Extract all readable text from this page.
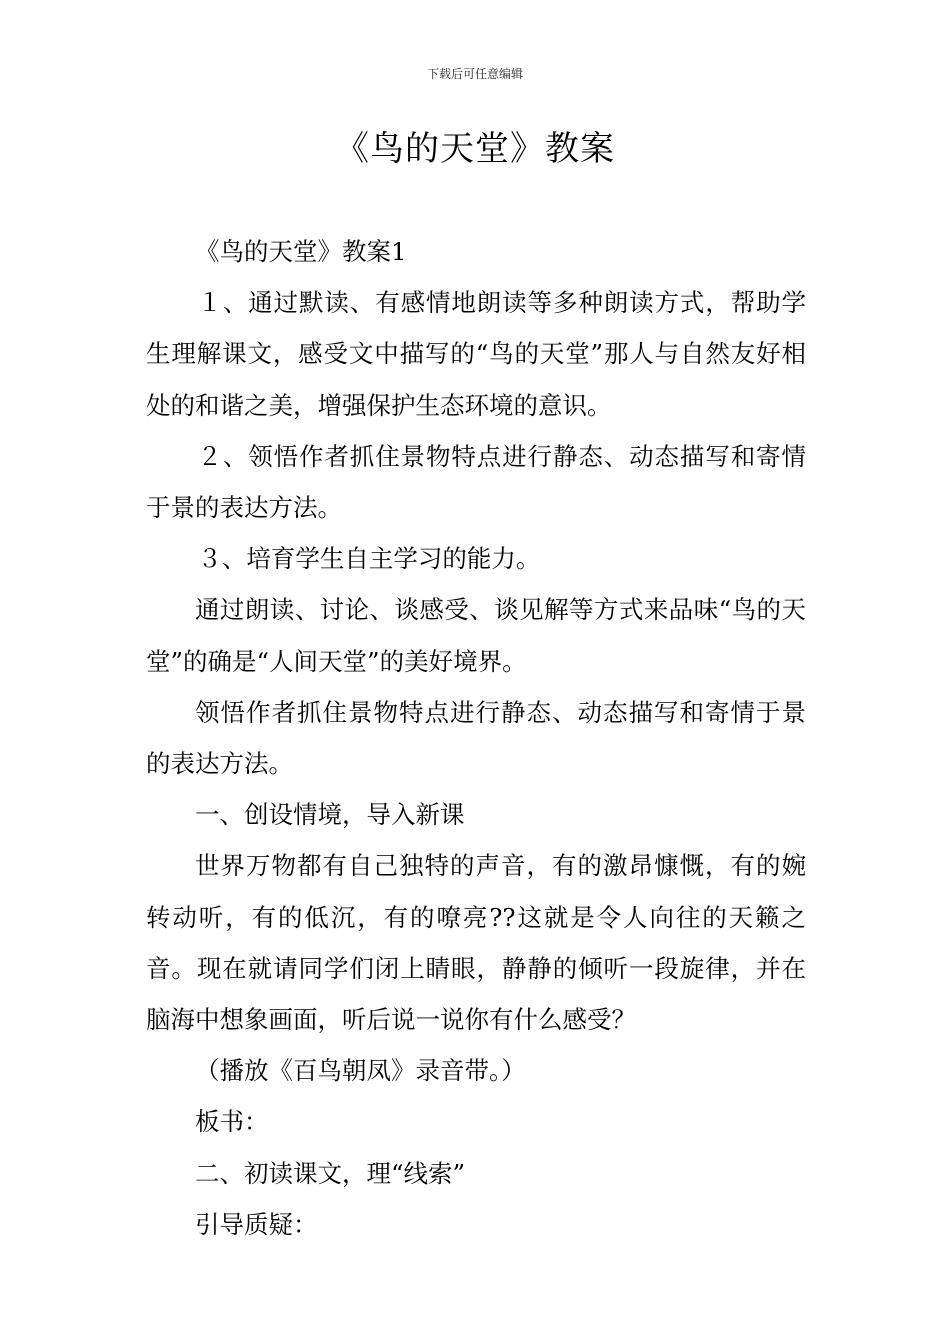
下载后可任意编辑
《鸟的天堂》教案

《鸟的天堂》教案1

１、通过默读、有感情地朗读等多种朗读方式，帮助学生理解课文，感受文中描写的“鸟的天堂”那人与自然友好相处的和谐之美，增强保护生态环境的意识。

２、领悟作者抓住景物特点进行静态、动态描写和寄情于景的表达方法。

３、培育学生自主学习的能力。

通过朗读、讨论、谈感受、谈见解等方式来品味“鸟的天堂”的确是“人间天堂”的美好境界。

领悟作者抓住景物特点进行静态、动态描写和寄情于景的表达方法。

一、创设情境，导入新课

世界万物都有自己独特的声音，有的激昂慷慨，有的婉转动听，有的低沉，有的嘹亮??这就是令人向往的天籁之音。现在就请同学们闭上睛眼，静静的倾听一段旋律，并在脑海中想象画面，听后说一说你有什么感受？

（播放《百鸟朝凤》录音带。）

板书：

二、初读课文，理“线索”

引导质疑：
